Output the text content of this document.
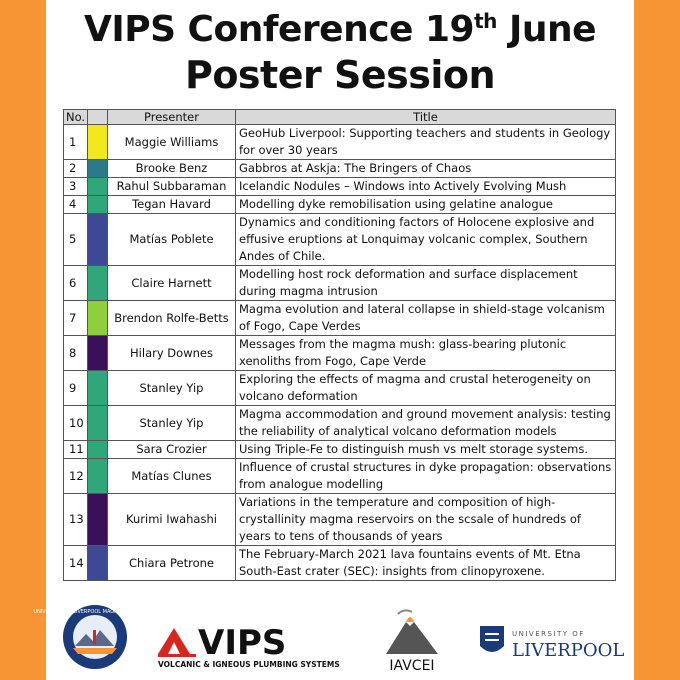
VIPS Conference 19th June
Poster Session
No.		Presenter	Title
1		Maggie Williams	GeoHub Liverpool: Supporting teachers and students in Geology for over 30 years
2		Brooke Benz	Gabbros at Askja: The Bringers of Chaos
3		Rahul Subbaraman	Icelandic Nodules – Windows into Actively Evolving Mush
4		Tegan Havard	Modelling dyke remobilisation using gelatine analogue
5		Matías Poblete	Dynamics and conditioning factors of Holocene explosive and effusive eruptions at Lonquimay volcanic complex, Southern Andes of Chile.
6		Claire Harnett	Modelling host rock deformation and surface displacement during magma intrusion
7		Brendon Rolfe-Betts	Magma evolution and lateral collapse in shield-stage volcanism of Fogo, Cape Verdes
8		Hilary Downes	Messages from the magma mush: glass-bearing plutonic xenoliths from Fogo, Cape Verde
9		Stanley Yip	Exploring the effects of magma and crustal heterogeneity on volcano deformation
10		Stanley Yip	Magma accommodation and ground movement analysis: testing the reliability of analytical volcano deformation models
11		Sara Crozier	Using Triple-Fe to distinguish mush vs melt storage systems.
12		Matías Clunes	Influence of crustal structures in dyke propagation: observations from analogue modelling
13		Kurimi Iwahashi	Variations in the temperature and composition of high-crystallinity magma reservoirs on the scsale of hundreds of years to tens of thousands of years
14		Chiara Petrone	The February-March 2021 lava fountains events of Mt. Etna South-East crater (SEC): insights from clinopyroxene.
UNIVERSITY OF LIVERPOOL MAGMA LABORATORY
VIPS
VOLCANIC & IGNEOUS PLUMBING SYSTEMS	IAVCEI
UNIVERSITY OF
LIVERPOOL
